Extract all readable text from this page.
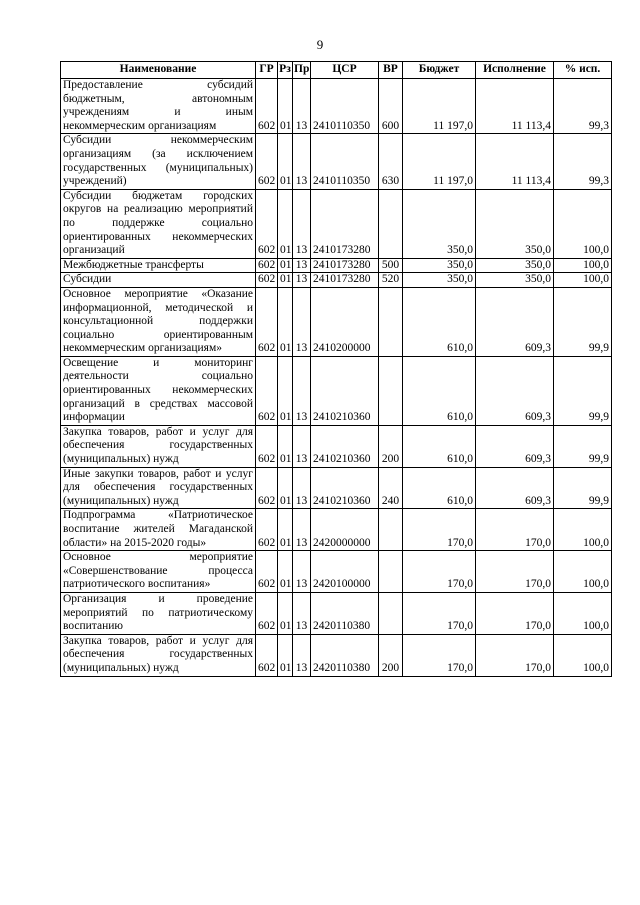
9
Наименование	ГР	Рз	Пр	ЦСР	ВР	Бюджет	Исполнение	% исп.
Предоставление субсидий бюджетным, автономным учреждениям и иным некоммерческим организациям	602	01	13	2410110350	600	11 197,0	11 113,4	99,3
Субсидии некоммерческим организациям (за исключением государственных (муниципальных) учреждений)	602	01	13	2410110350	630	11 197,0	11 113,4	99,3
Субсидии бюджетам городских округов на реализацию мероприятий по поддержке социально ориентированных некоммерческих организаций	602	01	13	2410173280		350,0	350,0	100,0
Межбюджетные трансферты	602	01	13	2410173280	500	350,0	350,0	100,0
Субсидии	602	01	13	2410173280	520	350,0	350,0	100,0
Основное мероприятие «Оказание информационной, методической и консультационной поддержки социально ориентированным некоммерческим организациям»	602	01	13	2410200000		610,0	609,3	99,9
Освещение и мониторинг деятельности социально ориентированных некоммерческих организаций в средствах массовой информации	602	01	13	2410210360		610,0	609,3	99,9
Закупка товаров, работ и услуг для обеспечения государственных (муниципальных) нужд	602	01	13	2410210360	200	610,0	609,3	99,9
Иные закупки товаров, работ и услуг для обеспечения государственных (муниципальных) нужд	602	01	13	2410210360	240	610,0	609,3	99,9
Подпрограмма «Патриотическое воспитание жителей Магаданской области» на 2015-2020 годы»	602	01	13	2420000000		170,0	170,0	100,0
Основное мероприятие «Совершенствование процесса патриотического воспитания»	602	01	13	2420100000		170,0	170,0	100,0
Организация и проведение мероприятий по патриотическому воспитанию	602	01	13	2420110380		170,0	170,0	100,0
Закупка товаров, работ и услуг для обеспечения государственных (муниципальных) нужд	602	01	13	2420110380	200	170,0	170,0	100,0
